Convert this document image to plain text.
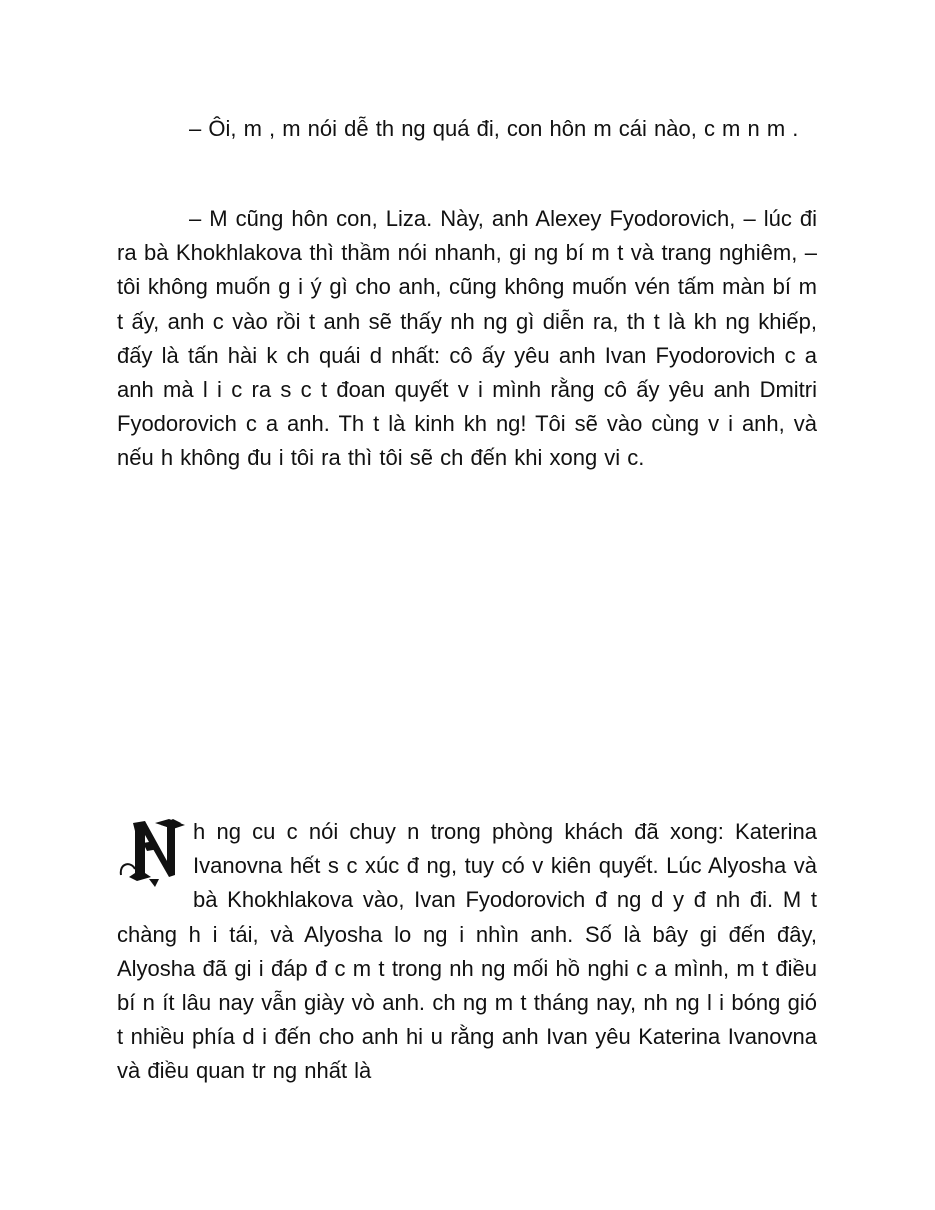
– Ôi, m , m nói dễ th ng quá đi, con hôn m cái nào, c m n m .

– M cũng hôn con, Liza. Này, anh Alexey Fyodorovich, – lúc đi ra bà Khokhlakova thì thầm nói nhanh, gi ng bí m t và trang nghiêm, – tôi không muốn g i ý gì cho anh, cũng không muốn vén tấm màn bí m t ấy, anh c vào rồi t anh sẽ thấy nh ng gì diễn ra, th t là kh ng khiếp, đấy là tấn hài k ch quái d nhất: cô ấy yêu anh Ivan Fyodorovich c a anh mà l i c ra s c t đoan quyết v i mình rằng cô ấy yêu anh Dmitri Fyodorovich c a anh. Th t là kinh kh ng! Tôi sẽ vào cùng v i anh, và nếu h không đu i tôi ra thì tôi sẽ ch đến khi xong vi c.

h ng cu c nói chuy n trong phòng khách đã xong: Katerina Ivanovna hết s c xúc đ ng, tuy có v kiên quyết. Lúc Alyosha và bà Khokhlakova vào, Ivan Fyodorovich đ ng d y đ nh đi. M t chàng h i tái, và Alyosha lo ng i nhìn anh. Số là bây gi đến đây, Alyosha đã gi i đáp đ c m t trong nh ng mối hồ nghi c a mình, m t điều bí n ít lâu nay vẫn giày vò anh. ch ng m t tháng nay, nh ng l i bóng gió t nhiều phía d i đến cho anh hi u rằng anh Ivan yêu Katerina Ivanovna và điều quan tr ng nhất là
